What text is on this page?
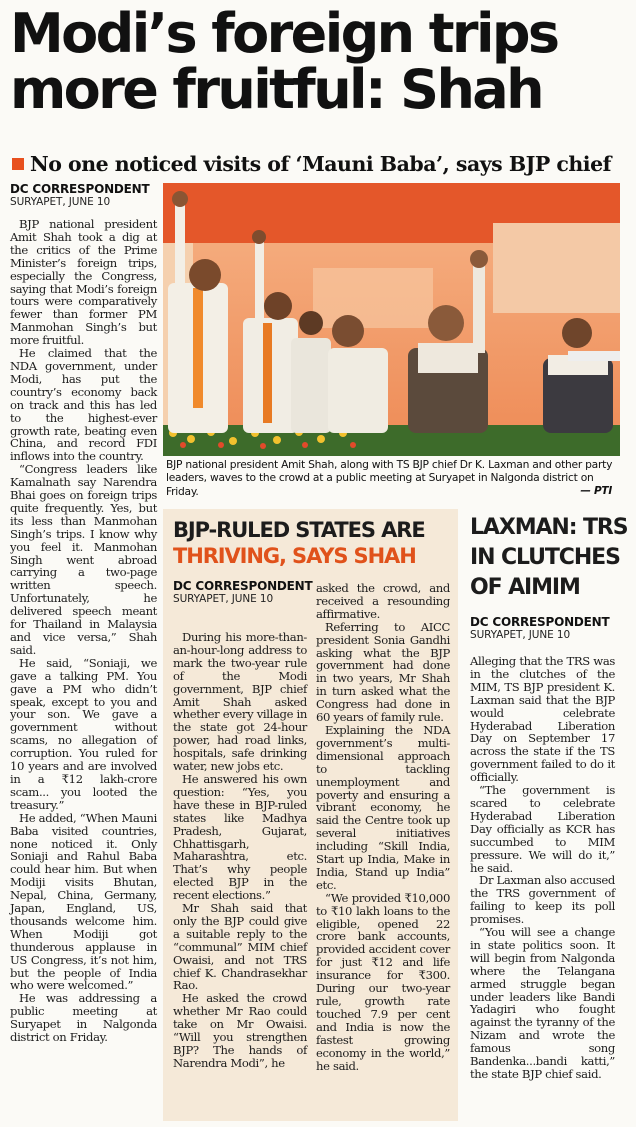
Modi’s foreign trips
more fruitful: Shah
No one noticed visits of ‘Mauni Baba’, says BJP chief
DC CORRESPONDENT
SURYAPET, JUNE 10

BJP national president Amit Shah took a dig at the critics of the Prime Minister’s foreign trips, especially the Congress, saying that Modi’s foreign tours were comparatively fewer than former PM Manmohan Singh’s but more fruitful.

He claimed that the NDA government, under Modi, has put the country’s economy back on track and this has led to the highest-ever growth rate, beating even China, and record FDI inflows into the country.

“Congress leaders like Kamalnath say Narendra Bhai goes on foreign trips quite frequently. Yes, but its less than Manmohan Singh’s trips. I know why you feel it. Manmohan Singh went abroad carrying a two-page written speech. Unfortunately, he delivered speech meant for Thailand in Malaysia and vice versa,” Shah said.

He said, “Soniaji, we gave a talking PM. You gave a PM who didn’t speak, except to you and your son. We gave a government without scams, no allegation of corruption. You ruled for 10 years and are involved in a ₹12 lakh-crore scam... you looted the treasury.”

He added, “When Mauni Baba visited countries, none noticed it. Only Soniaji and Rahul Baba could hear him. But when Modiji visits Bhutan, Nepal, China, Germany, Japan, England, US, thousands welcome him. When Modiji got thunderous applause in US Congress, it’s not him, but the people of India who were welcomed.”

He was addressing a public meeting at Suryapet in Nalgonda district on Friday.

BJP national president Amit Shah, along with TS BJP chief Dr K. Laxman and other party leaders, waves to the crowd at a public meeting at Suryapet in Nalgonda district on Friday.	— PTI
BJP-RULED STATES ARE
THRIVING, SAYS SHAH
DC CORRESPONDENT
SURYAPET, JUNE 10

During his more-than-an-hour-long address to mark the two-year rule of the Modi government, BJP chief Amit Shah asked whether every village in the state got 24-hour power, had road links, hospitals, safe drinking water, new jobs etc.

He answered his own question: “Yes, you have these in BJP-ruled states like Madhya Pradesh, Gujarat, Chhattisgarh, Maharashtra, etc. That’s why people elected BJP in the recent elections.”

Mr Shah said that only the BJP could give a suitable reply to the “communal” MIM chief Owaisi, and not TRS chief K. Chandrasekhar Rao.

He asked the crowd whether Mr Rao could take on Mr Owaisi. “Will you strengthen BJP? The hands of Narendra Modi”, he

asked the crowd, and received a resounding affirmative.

Referring to AICC president Sonia Gandhi asking what the BJP government had done in two years, Mr Shah in turn asked what the Congress had done in 60 years of family rule.

Explaining the NDA government’s multi-dimensional approach to tackling unemployment and poverty and ensuring a vibrant economy, he said the Centre took up several initiatives including “Skill India, Start up India, Make in India, Stand up India” etc.

“We provided ₹10,000 to ₹10 lakh loans to the eligible, opened 22 crore bank accounts, provided accident cover for just ₹12 and life insurance for ₹300. During our two-year rule, growth rate touched 7.9 per cent and India is now the fastest growing economy in the world,” he said.

LAXMAN: TRS
IN CLUTCHES
OF AIMIM
DC CORRESPONDENT
SURYAPET, JUNE 10

Alleging that the TRS was in the clutches of the MIM, TS BJP president K. Laxman said that the BJP would celebrate Hyderabad Liberation Day on September 17 across the state if the TS government failed to do it officially.

“The government is scared to celebrate Hyderabad Liberation Day officially as KCR has succumbed to MIM pressure. We will do it,” he said.

Dr Laxman also accused the TRS government of failing to keep its poll promises.

“You will see a change in state politics soon. It will begin from Nalgonda where the Telangana armed struggle began under leaders like Bandi Yadagiri who fought against the tyranny of the Nizam and wrote the famous song Bandenka...bandi katti,” the state BJP chief said.
